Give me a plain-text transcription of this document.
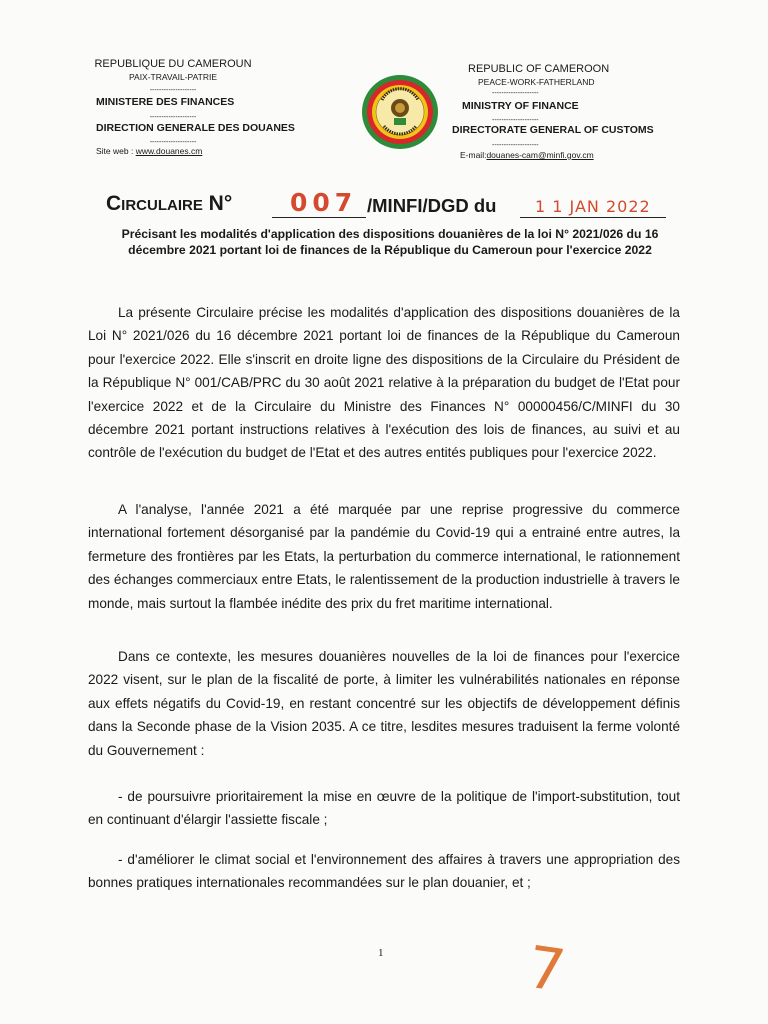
REPUBLIQUE DU CAMEROUN
PAIX-TRAVAIL-PATRIE
--------------------
MINISTERE DES FINANCES
--------------------
DIRECTION GENERALE DES DOUANES
--------------------
Site web : www.douanes.cm
REPUBLIC OF CAMEROON
PEACE-WORK-FATHERLAND
--------------------
MINISTRY OF FINANCE
--------------------
DIRECTORATE GENERAL OF CUSTOMS
--------------------
E-mail:douanes-cam@minfi.gov.cm
Circulaire N° 007 /MINFI/DGD du 1 1 JAN 2022
Précisant les modalités d'application des dispositions douanières de la loi N° 2021/026 du 16
décembre 2021 portant loi de finances de la République du Cameroun pour l'exercice 2022
La présente Circulaire précise les modalités d'application des dispositions douanières de la Loi N° 2021/026 du 16 décembre 2021 portant loi de finances de la République du Cameroun pour l'exercice 2022. Elle s'inscrit en droite ligne des dispositions de la Circulaire du Président de la République N° 001/CAB/PRC du 30 août 2021 relative à la préparation du budget de l'Etat pour l'exercice 2022 et de la Circulaire du Ministre des Finances N° 00000456/C/MINFI du 30 décembre 2021 portant instructions relatives à l'exécution des lois de finances, au suivi et au contrôle de l'exécution du budget de l'Etat et des autres entités publiques pour l'exercice 2022.
A l'analyse, l'année 2021 a été marquée par une reprise progressive du commerce international fortement désorganisé par la pandémie du Covid-19 qui a entrainé entre autres, la fermeture des frontières par les Etats, la perturbation du commerce international, le rationnement des échanges commerciaux entre Etats, le ralentissement de la production industrielle à travers le monde, mais surtout la flambée inédite des prix du fret maritime international.
Dans ce contexte, les mesures douanières nouvelles de la loi de finances pour l'exercice 2022 visent, sur le plan de la fiscalité de porte, à limiter les vulnérabilités nationales en réponse aux effets négatifs du Covid-19, en restant concentré sur les objectifs de développement définis dans la Seconde phase de la Vision 2035. A ce titre, lesdites mesures traduisent la ferme volonté du Gouvernement :
- de poursuivre prioritairement la mise en œuvre de la politique de l'import-substitution, tout en continuant d'élargir l'assiette fiscale ;
- d'améliorer le climat social et l'environnement des affaires à travers une appropriation des bonnes pratiques internationales recommandées sur le plan douanier, et ;
1 7
